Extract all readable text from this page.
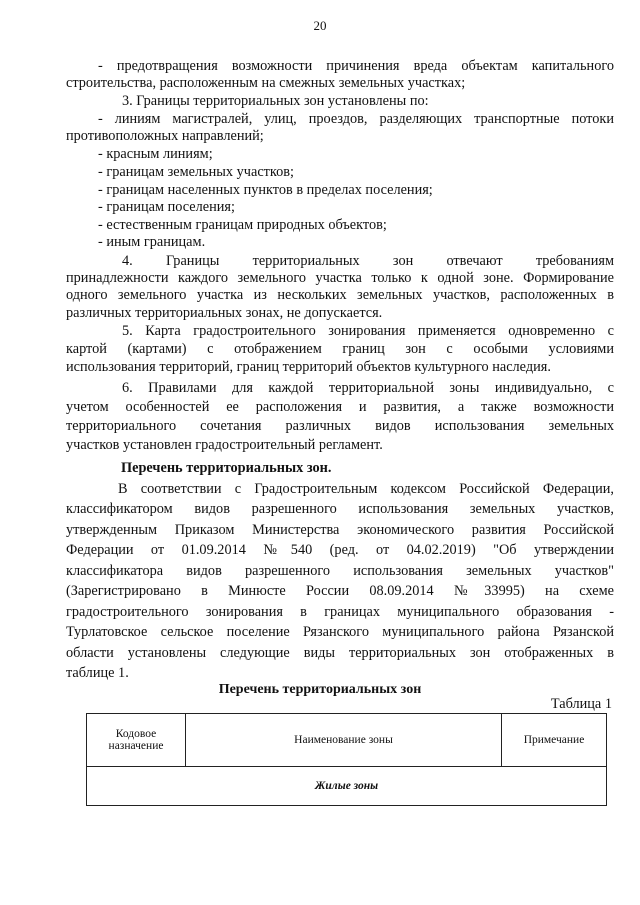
20
- предотвращения возможности причинения вреда объектам капитального
строительства, расположенным на смежных земельных участках;
3. Границы территориальных зон установлены по:
- линиям магистралей, улиц, проездов, разделяющих транспортные потоки
противоположных направлений;
- красным линиям;
- границам земельных участков;
- границам населенных пунктов в пределах поселения;
- границам поселения;
- естественным границам природных объектов;
- иным границам.
4. Границы территориальных зон отвечают требованиям
принадлежности каждого земельного участка только к одной зоне. Формирование
одного земельного участка из нескольких земельных участков, расположенных в
различных территориальных зонах, не допускается.
5. Карта градостроительного зонирования применяется одновременно с
картой (картами) с отображением границ зон с особыми условиями
использования территорий, границ территорий объектов культурного наследия.
6. Правилами для каждой территориальной зоны индивидуально, с
учетом особенностей ее расположения и развития, а также возможности
территориального сочетания различных видов использования земельных
участков установлен градостроительный регламент.
Перечень территориальных зон.
В соответствии с Градостроительным кодексом Российской Федерации,
классификатором видов разрешенного использования земельных участков,
утвержденным Приказом Министерства экономического развития Российской
Федерации от 01.09.2014 №540 (ред. от 04.02.2019) "Об утверждении
классификатора видов разрешенного использования земельных участков"
(Зарегистрировано в Минюсте России 08.09.2014 №33995) на схеме
градостроительного зонирования в границах муниципального образования -
Турлатовское сельское поселение Рязанского муниципального района Рязанской
области установлены следующие виды территориальных зон отображенных в
таблице 1.
Перечень территориальных зон
Таблица 1
Кодовое назначение	Наименование зоны	Примечание
Жилые зоны
